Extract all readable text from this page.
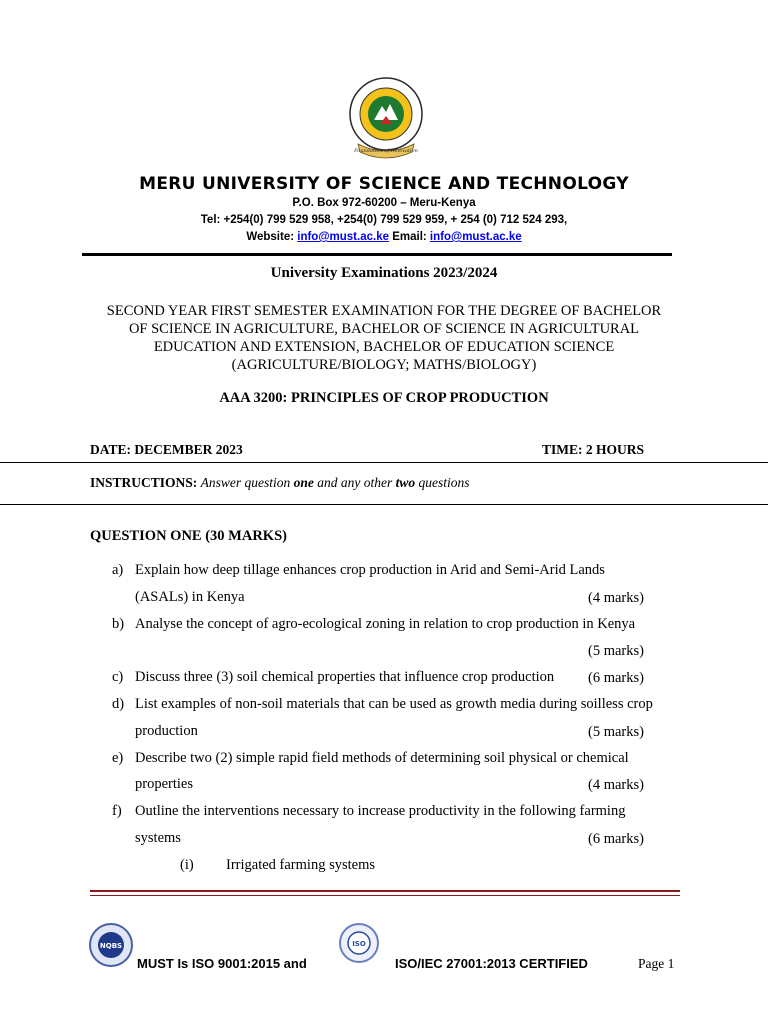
Foundation of Innovation
MERU UNIVERSITY OF SCIENCE AND TECHNOLOGY
P.O. Box 972-60200 – Meru-Kenya
Tel: +254(0) 799 529 958, +254(0) 799 529 959, + 254 (0) 712 524 293,
Website: info@must.ac.ke Email: info@must.ac.ke
University Examinations 2023/2024
SECOND YEAR FIRST SEMESTER EXAMINATION FOR THE DEGREE OF BACHELOR
OF SCIENCE IN AGRICULTURE, BACHELOR OF SCIENCE IN AGRICULTURAL
EDUCATION AND EXTENSION, BACHELOR OF EDUCATION SCIENCE
(AGRICULTURE/BIOLOGY; MATHS/BIOLOGY)
AAA 3200: PRINCIPLES OF CROP PRODUCTION
DATE: DECEMBER 2023	TIME: 2 HOURS
INSTRUCTIONS: Answer question one and any other two questions
QUESTION ONE (30 MARKS)
a) Explain how deep tillage enhances crop production in Arid and Semi-Arid Lands
(ASALs) in Kenya	(4 marks)
b) Analyse the concept of agro-ecological zoning in relation to crop production in Kenya
(5 marks)
c) Discuss three (3) soil chemical properties that influence crop production (6 marks)
d) List examples of non-soil materials that can be used as growth media during soilless crop
production	(5 marks)
e) Describe two (2) simple rapid field methods of determining soil physical or chemical
properties	(4 marks)
f) Outline the interventions necessary to increase productivity in the following farming
systems	(6 marks)
(i) Irrigated farming systems
NQBS	ISO
MUST Is ISO 9001:2015 and	ISO/IEC 27001:2013 CERTIFIED	Page 1
